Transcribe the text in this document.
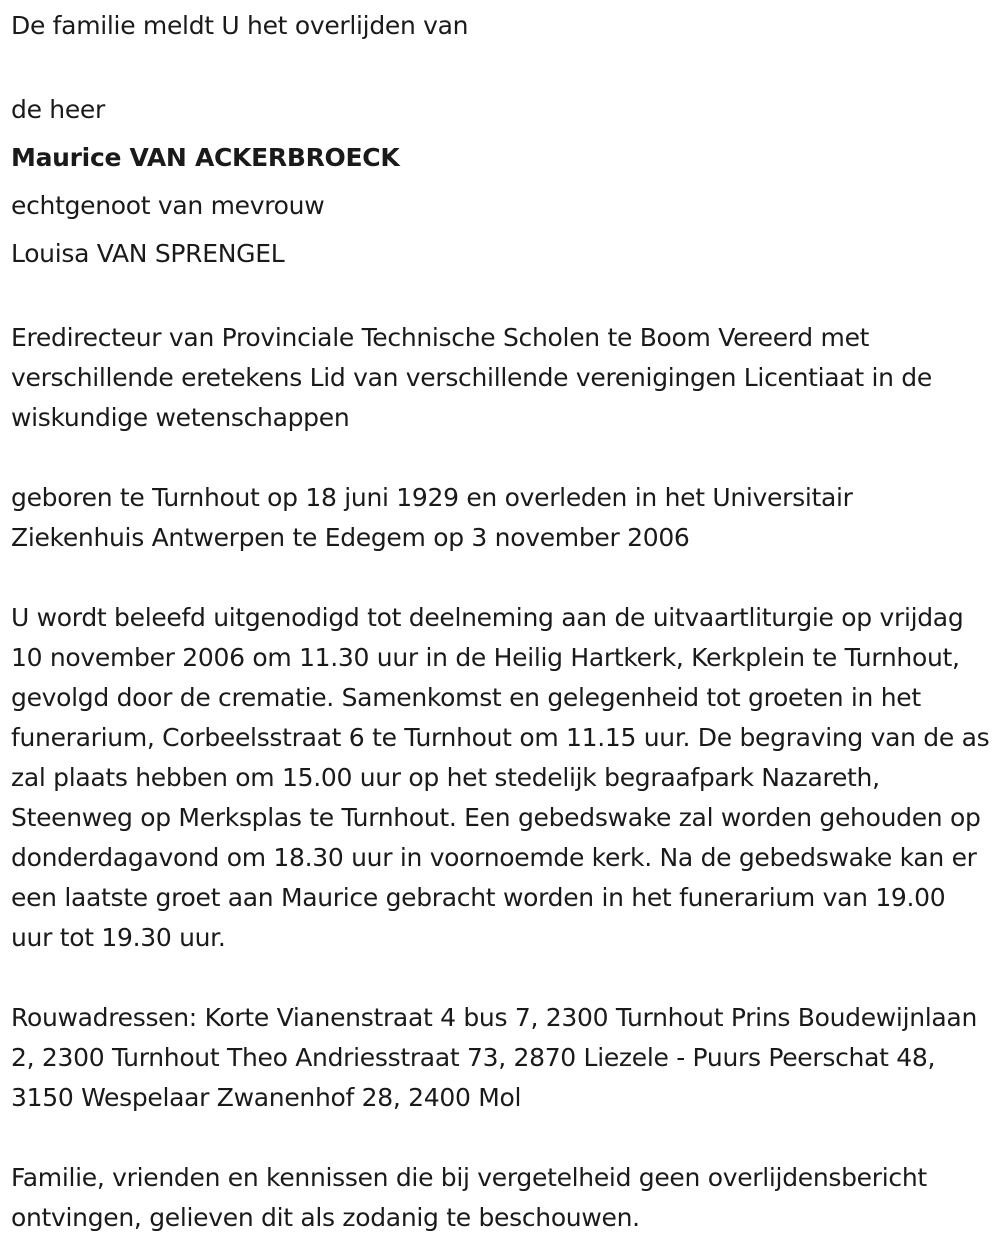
De familie meldt U het overlijden van

de heer

Maurice VAN ACKERBROECK

echtgenoot van mevrouw

Louisa VAN SPRENGEL

Eredirecteur van Provinciale Technische Scholen te Boom Vereerd met verschillende eretekens Lid van verschillende verenigingen Licentiaat in de wiskundige wetenschappen

geboren te Turnhout op 18 juni 1929 en overleden in het Universitair Ziekenhuis Antwerpen te Edegem op 3 november 2006

U wordt beleefd uitgenodigd tot deelneming aan de uitvaartliturgie op vrijdag 10 november 2006 om 11.30 uur in de Heilig Hartkerk, Kerkplein te Turnhout, gevolgd door de crematie. Samenkomst en gelegenheid tot groeten in het funerarium, Corbeelsstraat 6 te Turnhout om 11.15 uur. De begraving van de as zal plaats hebben om 15.00 uur op het stedelijk begraafpark Nazareth, Steenweg op Merksplas te Turnhout. Een gebedswake zal worden gehouden op donderdagavond om 18.30 uur in voornoemde kerk. Na de gebedswake kan er een laatste groet aan Maurice gebracht worden in het funerarium van 19.00 uur tot 19.30 uur.

Rouwadressen: Korte Vianenstraat 4 bus 7, 2300 Turnhout Prins Boudewijnlaan 2, 2300 Turnhout Theo Andriesstraat 73, 2870 Liezele - Puurs Peerschat 48, 3150 Wespelaar Zwanenhof 28, 2400 Mol

Familie, vrienden en kennissen die bij vergetelheid geen overlijdensbericht ontvingen, gelieven dit als zodanig te beschouwen.
